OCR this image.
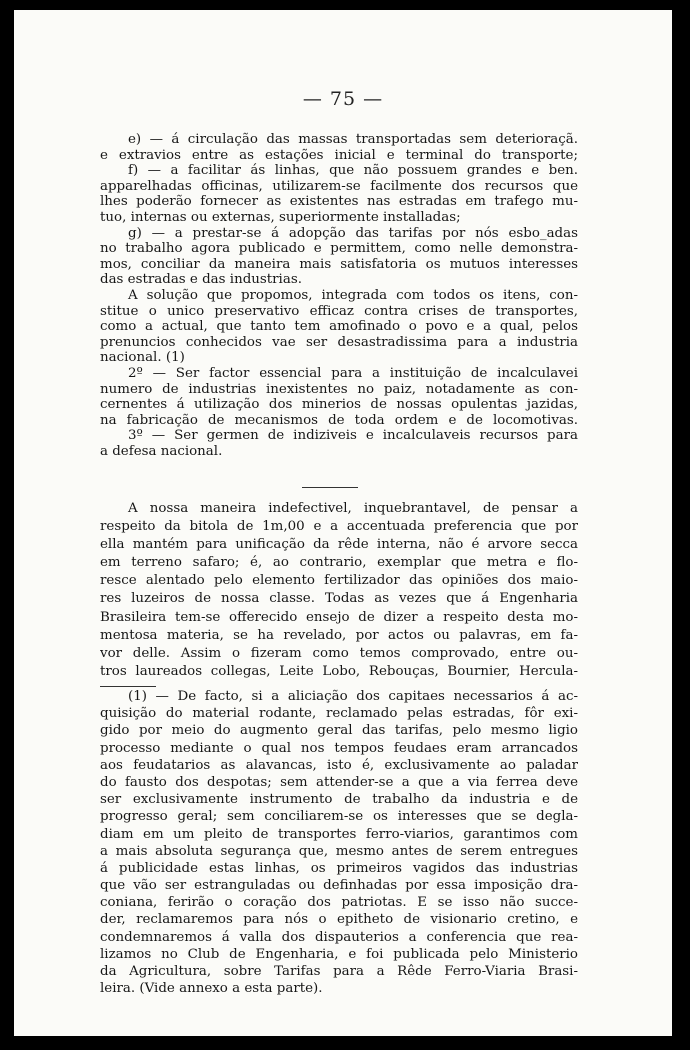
— 75 —
e) — á circulação das massas transportadas sem deterioraçã.
e extravios entre as estações inicial e terminal do transporte;
f) — a facilitar ás linhas, que não possuem grandes e ben.
apparelhadas officinas, utilizarem-se facilmente dos recursos que
lhes poderão fornecer as existentes nas estradas em trafego mu-
tuo, internas ou externas, superiormente installadas;
g) — a prestar-se á adopção das tarifas por nós esbo_adas
no trabalho agora publicado e permittem, como nelle demonstra-
mos, conciliar da maneira mais satisfatoria os mutuos interesses
das estradas e das industrias.
A solução que propomos, integrada com todos os itens, con-
stitue o unico preservativo efficaz contra crises de transportes,
como a actual, que tanto tem amofinado o povo e a qual, pelos
prenuncios conhecidos vae ser desastradissima para a industria
nacional. (1)
2º — Ser factor essencial para a instituição de incalculavei
numero de industrias inexistentes no paiz, notadamente as con-
cernentes á utilização dos minerios de nossas opulentas jazidas,
na fabricação de mecanismos de toda ordem e de locomotivas.
3º — Ser germen de indiziveis e incalculaveis recursos para
a defesa nacional.
A nossa maneira indefectivel, inquebrantavel, de pensar a
respeito da bitola de 1m,00 e a accentuada preferencia que por
ella mantém para unificação da rêde interna, não é arvore secca
em terreno safaro; é, ao contrario, exemplar que metra e flo-
resce alentado pelo elemento fertilizador das opiniões dos maio-
res luzeiros de nossa classe. Todas as vezes que á Engenharia
Brasileira tem-se offerecido ensejo de dizer a respeito desta mo-
mentosa materia, se ha revelado, por actos ou palavras, em fa-
vor delle. Assim o fizeram como temos comprovado, entre ou-
tros laureados collegas, Leite Lobo, Rebouças, Bournier, Hercula-
(1) — De facto, si a aliciação dos capitaes necessarios á ac-
quisição do material rodante, reclamado pelas estradas, fôr exi-
gido por meio do augmento geral das tarifas, pelo mesmo ligio
processo mediante o qual nos tempos feudaes eram arrancados
aos feudatarios as alavancas, isto é, exclusivamente ao paladar
do fausto dos despotas; sem attender-se a que a via ferrea deve
ser exclusivamente instrumento de trabalho da industria e de
progresso geral; sem conciliarem-se os interesses que se degla-
diam em um pleito de transportes ferro-viarios, garantimos com
a mais absoluta segurança que, mesmo antes de serem entregues
á publicidade estas linhas, os primeiros vagidos das industrias
que vão ser estranguladas ou definhadas por essa imposição dra-
coniana, ferirão o coração dos patriotas. E se isso não succe-
der, reclamaremos para nós o epitheto de visionario cretino, e
condemnaremos á valla dos dispauterios a conferencia que rea-
lizamos no Club de Engenharia, e foi publicada pelo Ministerio
da Agricultura, sobre Tarifas para a Rêde Ferro-Viaria Brasi-
leira. (Vide annexo a esta parte).
